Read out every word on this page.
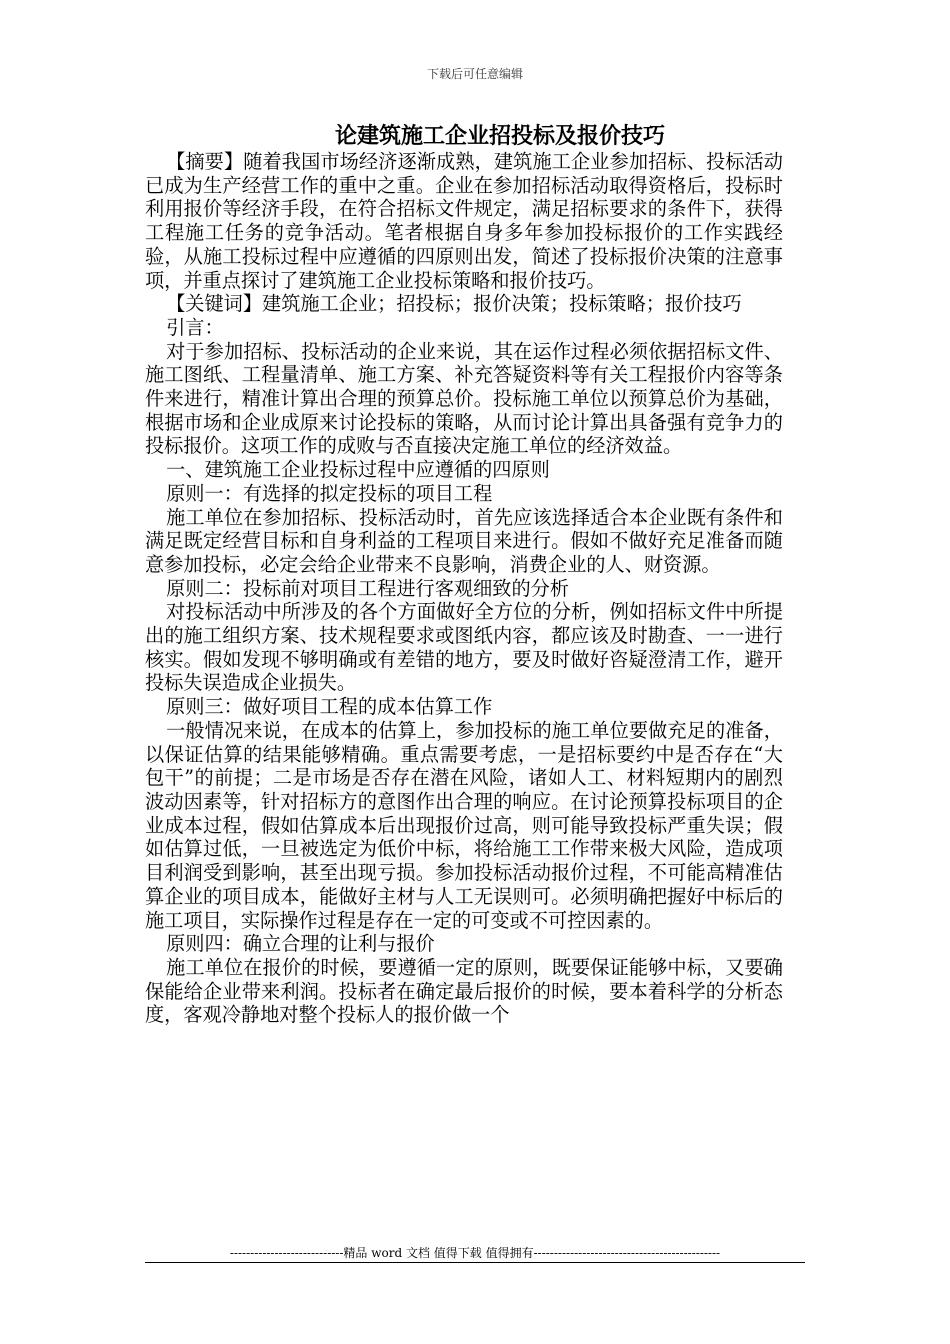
下载后可任意编辑
论建筑施工企业招投标及报价技巧

【摘要】随着我国市场经济逐渐成熟，建筑施工企业参加招标、投标活动已成为生产经营工作的重中之重。企业在参加招标活动取得资格后，投标时利用报价等经济手段，在符合招标文件规定，满足招标要求的条件下，获得工程施工任务的竞争活动。笔者根据自身多年参加投标报价的工作实践经验，从施工投标过程中应遵循的四原则出发，简述了投标报价决策的注意事项，并重点探讨了建筑施工企业投标策略和报价技巧。

【关键词】建筑施工企业；招投标；报价决策；投标策略；报价技巧

引言：

对于参加招标、投标活动的企业来说，其在运作过程必须依据招标文件、施工图纸、工程量清单、施工方案、补充答疑资料等有关工程报价内容等条件来进行，精准计算出合理的预算总价。投标施工单位以预算总价为基础，根据市场和企业成原来讨论投标的策略，从而讨论计算出具备强有竞争力的投标报价。这项工作的成败与否直接决定施工单位的经济效益。

一、建筑施工企业投标过程中应遵循的四原则

原则一：有选择的拟定投标的项目工程

施工单位在参加招标、投标活动时，首先应该选择适合本企业既有条件和满足既定经营目标和自身利益的工程项目来进行。假如不做好充足准备而随意参加投标，必定会给企业带来不良影响，消费企业的人、财资源。

原则二：投标前对项目工程进行客观细致的分析

对投标活动中所涉及的各个方面做好全方位的分析，例如招标文件中所提出的施工组织方案、技术规程要求或图纸内容，都应该及时勘查、一一进行核实。假如发现不够明确或有差错的地方，要及时做好咨疑澄清工作，避开投标失误造成企业损失。

原则三：做好项目工程的成本估算工作

一般情况来说，在成本的估算上，参加投标的施工单位要做充足的准备，以保证估算的结果能够精确。重点需要考虑，一是招标要约中是否存在“大包干”的前提；二是市场是否存在潜在风险，诸如人工、材料短期内的剧烈波动因素等，针对招标方的意图作出合理的响应。在讨论预算投标项目的企业成本过程，假如估算成本后出现报价过高，则可能导致投标严重失误；假如估算过低，一旦被选定为低价中标，将给施工工作带来极大风险，造成项目利润受到影响，甚至出现亏损。参加投标活动报价过程，不可能高精准估算企业的项目成本，能做好主材与人工无误则可。必须明确把握好中标后的施工项目，实际操作过程是存在一定的可变或不可控因素的。

原则四：确立合理的让利与报价

施工单位在报价的时候，要遵循一定的原则，既要保证能够中标，又要确保能给企业带来利润。投标者在确定最后报价的时候，要本着科学的分析态度，客观冷静地对整个投标人的报价做一个

----------------------------精品 word 文档 值得下载 值得拥有----------------------------------------------
